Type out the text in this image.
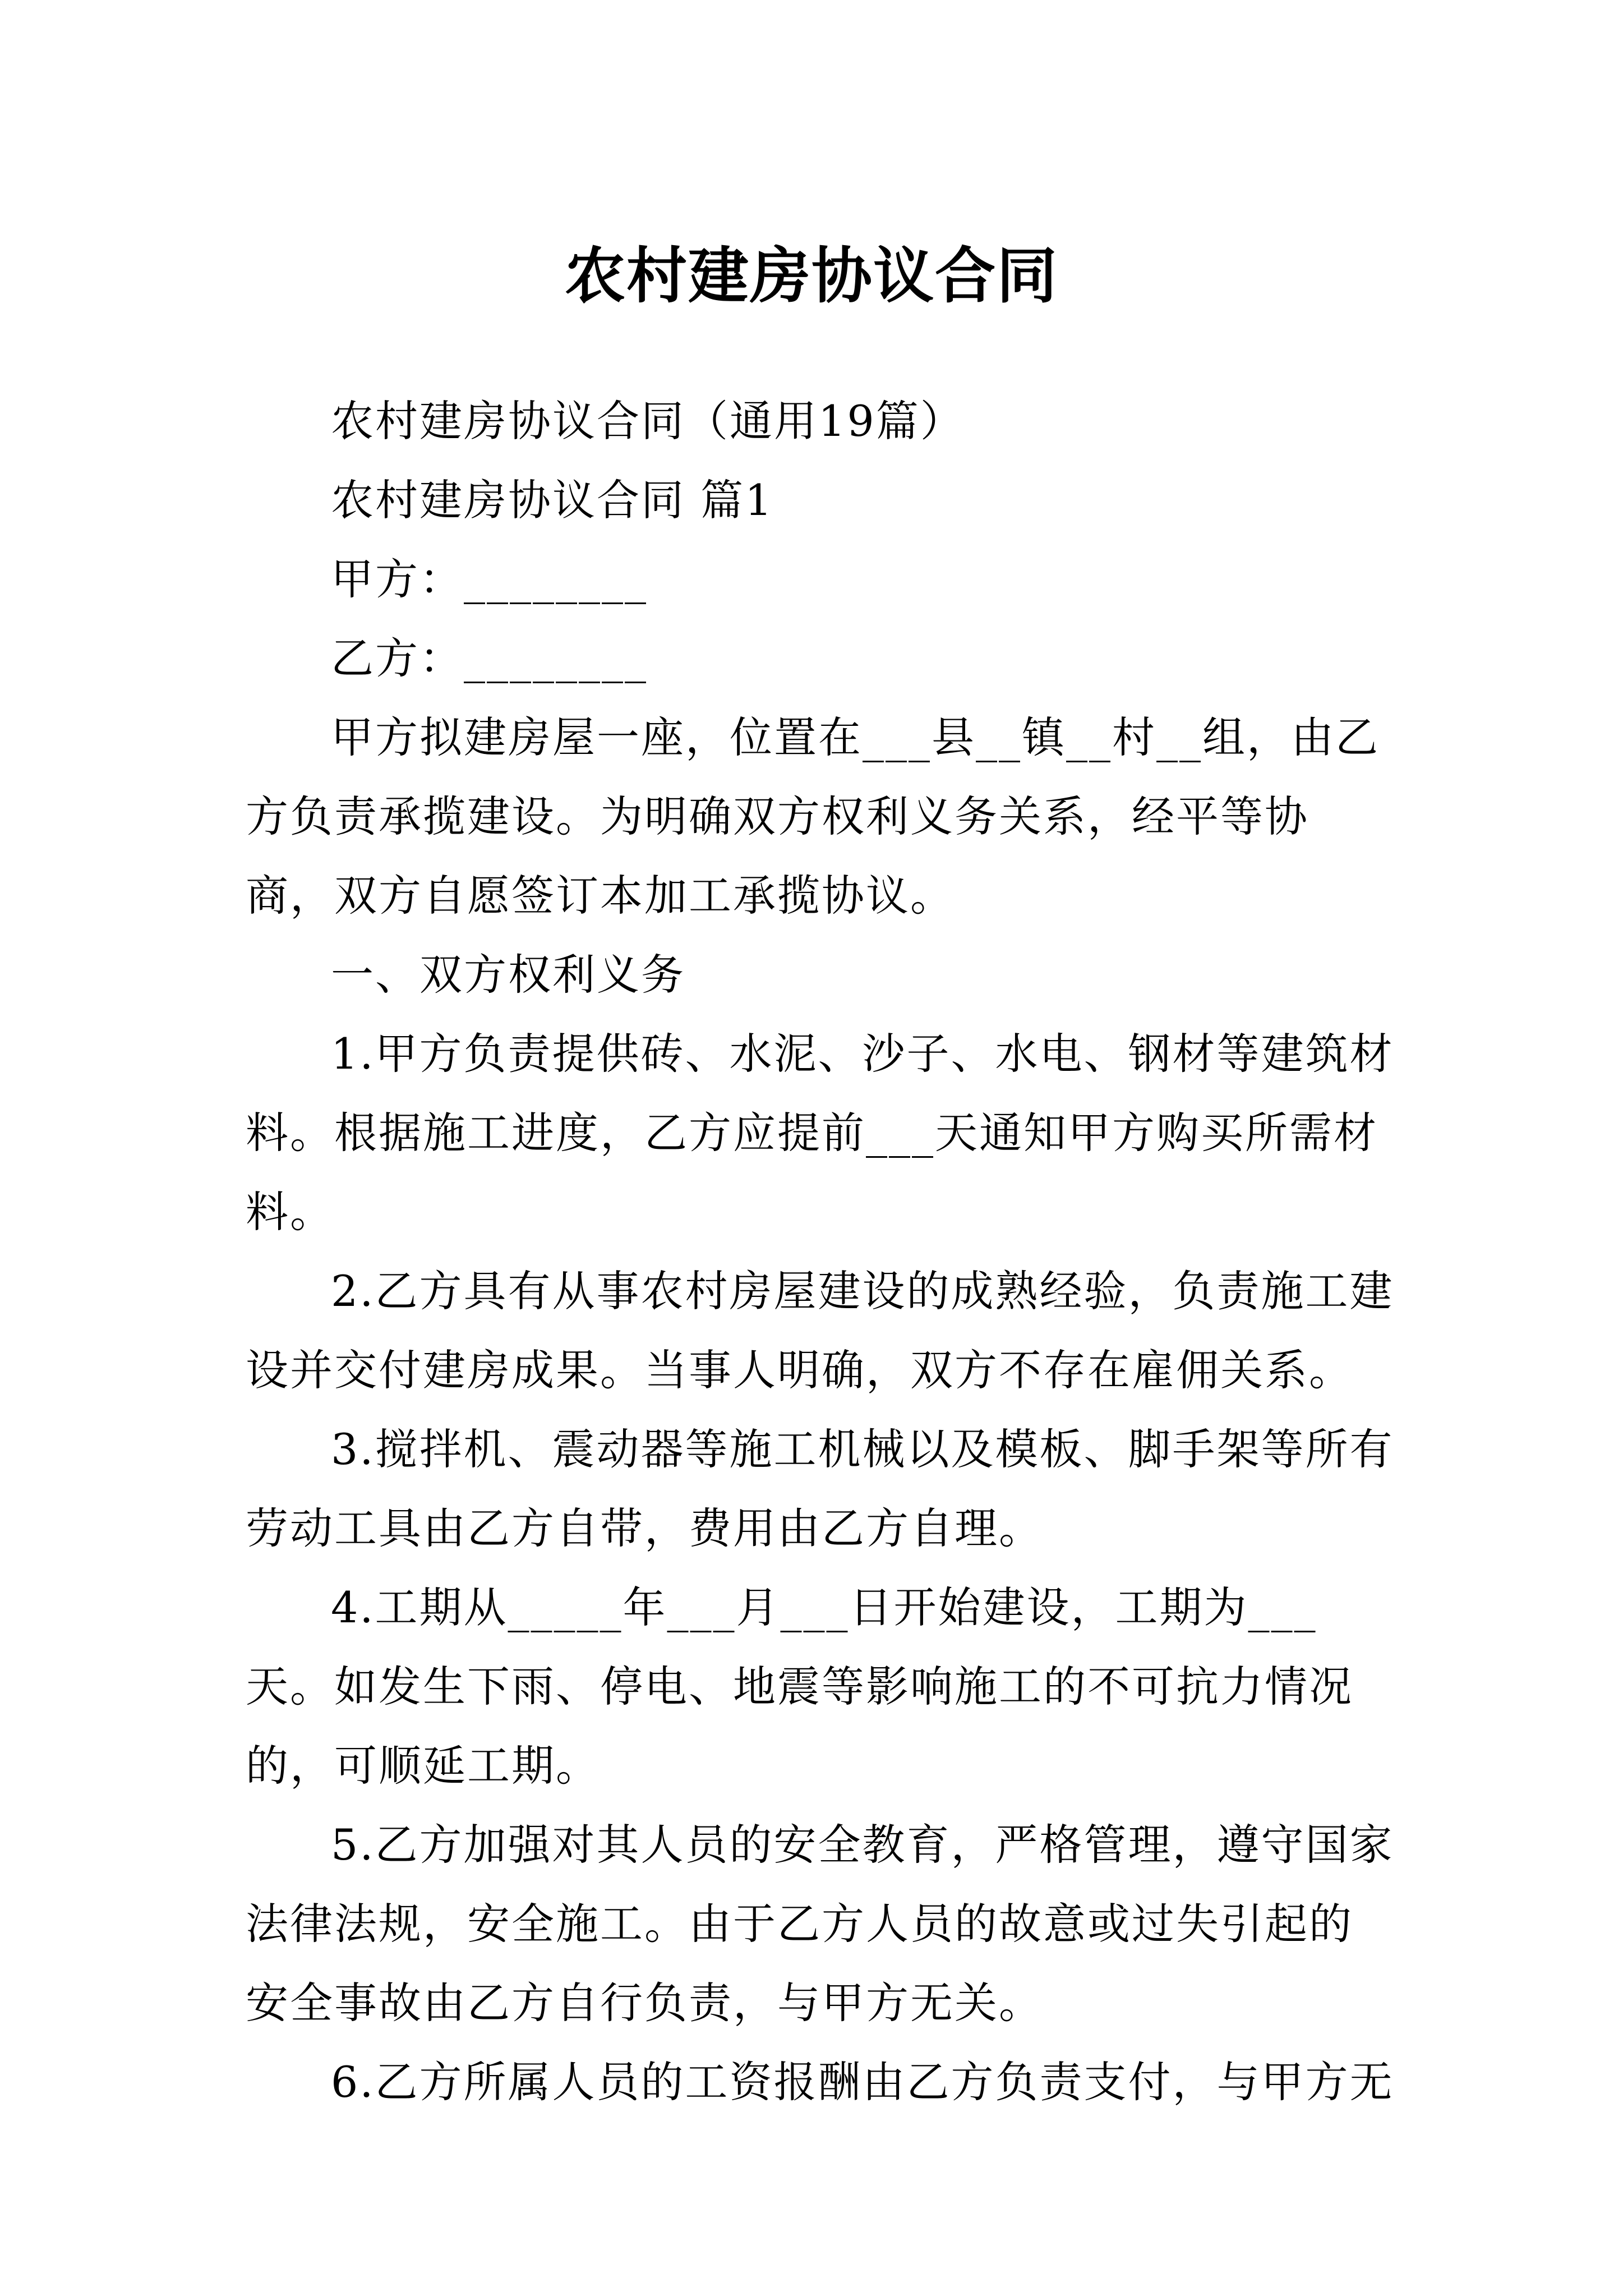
农村建房协议合同

农村建房协议合同（通用19篇）

农村建房协议合同 篇1

甲方：________

乙方：________

甲方拟建房屋一座，位置在___县__镇__村__组，由乙方负责承揽建设。为明确双方权利义务关系，经平等协商，双方自愿签订本加工承揽协议。

一、双方权利义务

1.甲方负责提供砖、水泥、沙子、水电、钢材等建筑材料。根据施工进度，乙方应提前___天通知甲方购买所需材料。

2.乙方具有从事农村房屋建设的成熟经验，负责施工建设并交付建房成果。当事人明确，双方不存在雇佣关系。

3.搅拌机、震动器等施工机械以及模板、脚手架等所有劳动工具由乙方自带，费用由乙方自理。

4.工期从_____年___月___日开始建设，工期为___天。如发生下雨、停电、地震等影响施工的不可抗力情况的，可顺延工期。

5.乙方加强对其人员的安全教育，严格管理，遵守国家法律法规，安全施工。由于乙方人员的故意或过失引起的安全事故由乙方自行负责，与甲方无关。

6.乙方所属人员的工资报酬由乙方负责支付，与甲方无
